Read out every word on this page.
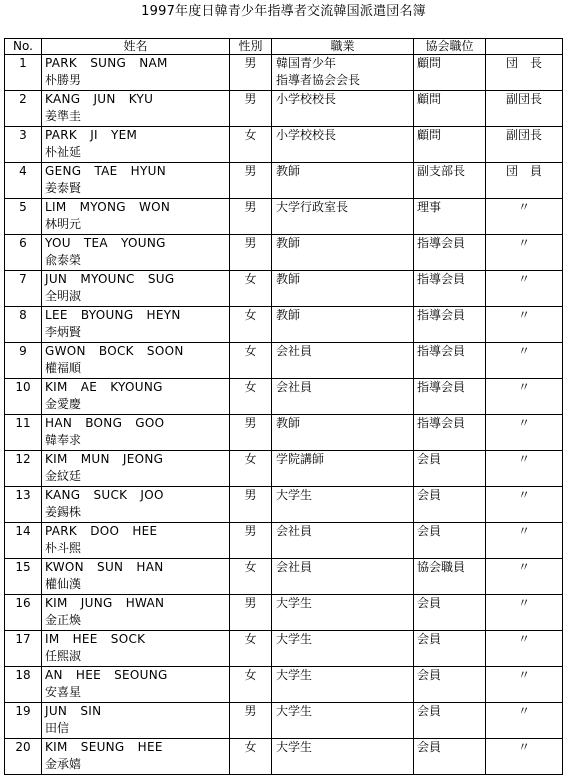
1997年度日韓青少年指導者交流韓国派遣団名簿
No.	姓名	性別	職業	協会職位	
1	PARK SUNG NAM
朴勝男	男	韓国青少年
指導者協会会長	顧問	団　長
2	KANG JUN KYU
姜準圭	男	小学校校長	顧問	副団長
3	PARK JI YEM
朴祉延	女	小学校校長	顧問	副団長
4	GENG TAE HYUN
姜泰賢	男	教師	副支部長	団　員
5	LIM MYONG WON
林明元	男	大学行政室長	理事	〃
6	YOU TEA YOUNG
兪泰榮	男	教師	指導会員	〃
7	JUN MYOUNC SUG
全明淑	女	教師	指導会員	〃
8	LEE BYOUNG HEYN
李炳賢	女	教師	指導会員	〃
9	GWON BOCK SOON
權福順	女	会社員	指導会員	〃
10	KIM AE KYOUNG
金愛慶	女	会社員	指導会員	〃
11	HAN BONG GOO
韓奉求	男	教師	指導会員	〃
12	KIM MUN JEONG
金紋廷	女	学院講師	会員	〃
13	KANG SUCK JOO
姜錫株	男	大学生	会員	〃
14	PARK DOO HEE
朴斗熙	男	会社員	会員	〃
15	KWON SUN HAN
權仙漢	女	会社員	協会職員	〃
16	KIM JUNG HWAN
金正煥	男	大学生	会員	〃
17	IM HEE SOCK
任熙淑	女	大学生	会員	〃
18	AN HEE SEOUNG
安喜星	女	大学生	会員	〃
19	JUN SIN
田信	男	大学生	会員	〃
20	KIM SEUNG HEE
金承嬉	女	大学生	会員	〃
